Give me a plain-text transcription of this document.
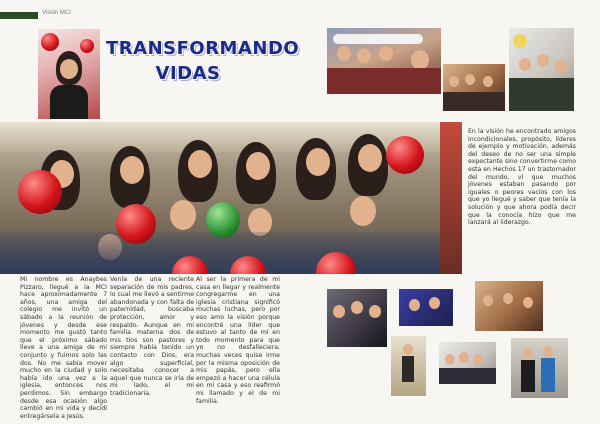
Visión MCI
TRANSFORMANDO
VIDAS
En la visión he encontrado amigos incondicionales, propósito, líderes de ejemplo y motivación, además del deseo de no ser una simple expectante sino convertirme como esta en Hechos 17 un trastornador del mundo, ví que muchos jóvenes estaban pasando por iguales o peores vacíos con los que yo llegué y saber que tenía la solución y que ahora podía decir que la conocía hizo que me lanzará al liderazgo.
Mi nombre es Anaybes Pizzaro, llegué a la MCI hace aproximadamente 7 años, una amiga del colegio me invitó un sábado a la reunión de jóvenes y desde ese momento me gustó tanto que el próximo sábado lleve a una amiga de mi conjunto y fuimos solo las dos. No me sabía mover mucho en la ciudad y solo había ido una vez a la iglesia, entonces nos perdimos. Sin embargo desde esa ocasión algo cambió en mi vida y decidí entregársela a Jesús.
Venía de una reciente separación de mis padres, lo cual me llevó a sentirme abandonada y con falta de paternidad, buscaba protección, amor y respaldo. Aunque en mi familia materna dos de mis tíos son pastores y siempre había tenido un contacto con Dios, era algo superficial, necesitaba conocer a aquel que nunca se iría de mi lado, el mi tradicionaria.
Al ser la primera de mi casa en llegar y realmente congregarme en una iglesia cristiana significó muchas luchas, pero por eso amo la visión porque encontré una líder que estuvo al tanto de mí en todo momento para que yo no desfalleciera, muchas veces quise irme por la misma oposición de mis papás, pero ella empezó a hacer una célula en mi casa y eso reafirmó mi llamado y el de mi familia.
